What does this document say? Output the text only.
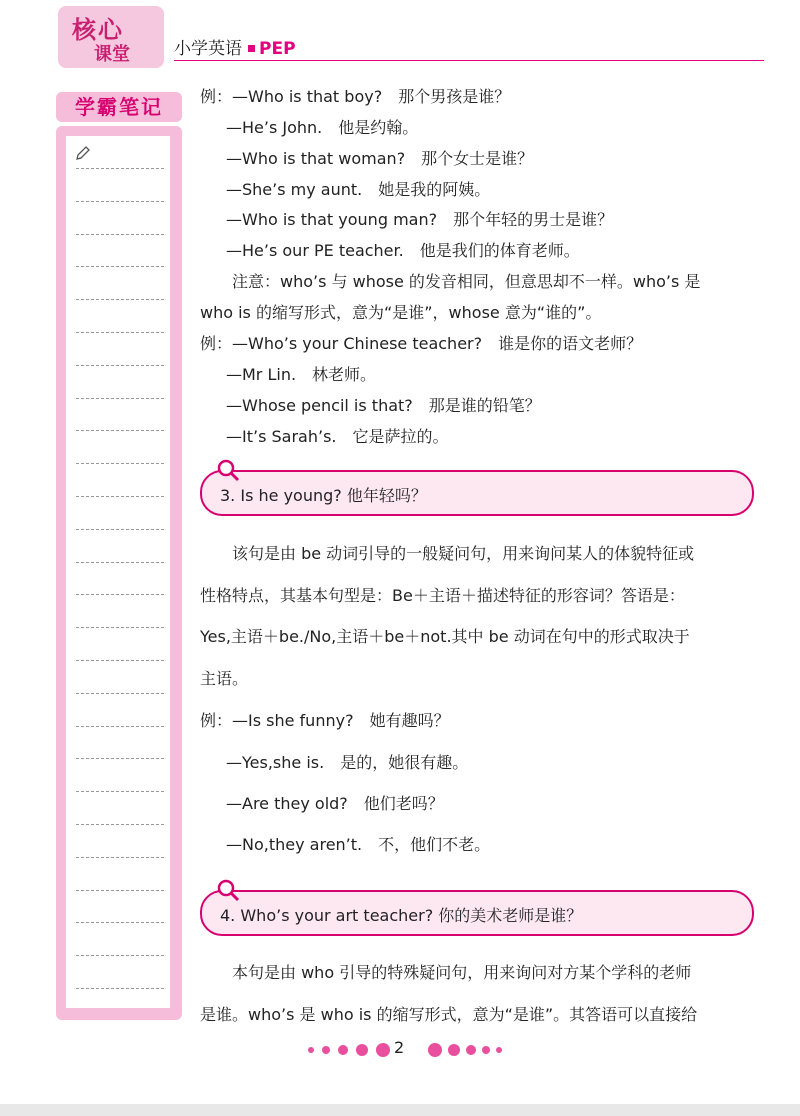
核心
课堂	小学英语 PEP
学霸笔记	例：—Who is that boy?　那个男孩是谁？
—He’s John.　他是约翰。
—Who is that woman?　那个女士是谁？
—She’s my aunt.　她是我的阿姨。
—Who is that young man?　那个年轻的男士是谁？
—He’s our PE teacher.　他是我们的体育老师。
注意：who’s 与 whose 的发音相同，但意思却不一样。who’s 是
who is 的缩写形式，意为“是谁”，whose 意为“谁的”。
例：—Who’s your Chinese teacher?　谁是你的语文老师？
—Mr Lin.　林老师。
—Whose pencil is that?　那是谁的铅笔？
—It’s Sarah’s.　它是萨拉的。
3. Is he young? 他年轻吗？
该句是由 be 动词引导的一般疑问句，用来询问某人的体貌特征或
性格特点，其基本句型是：Be＋主语＋描述特征的形容词？答语是：
Yes,主语＋be./No,主语＋be＋not.其中 be 动词在句中的形式取决于
主语。
例：—Is she funny?　她有趣吗？
—Yes,she is.　是的，她很有趣。
—Are they old?　他们老吗？
—No,they aren’t.　不，他们不老。
4. Who’s your art teacher? 你的美术老师是谁？
本句是由 who 引导的特殊疑问句，用来询问对方某个学科的老师
是谁。who’s 是 who is 的缩写形式，意为“是谁”。其答语可以直接给
2
